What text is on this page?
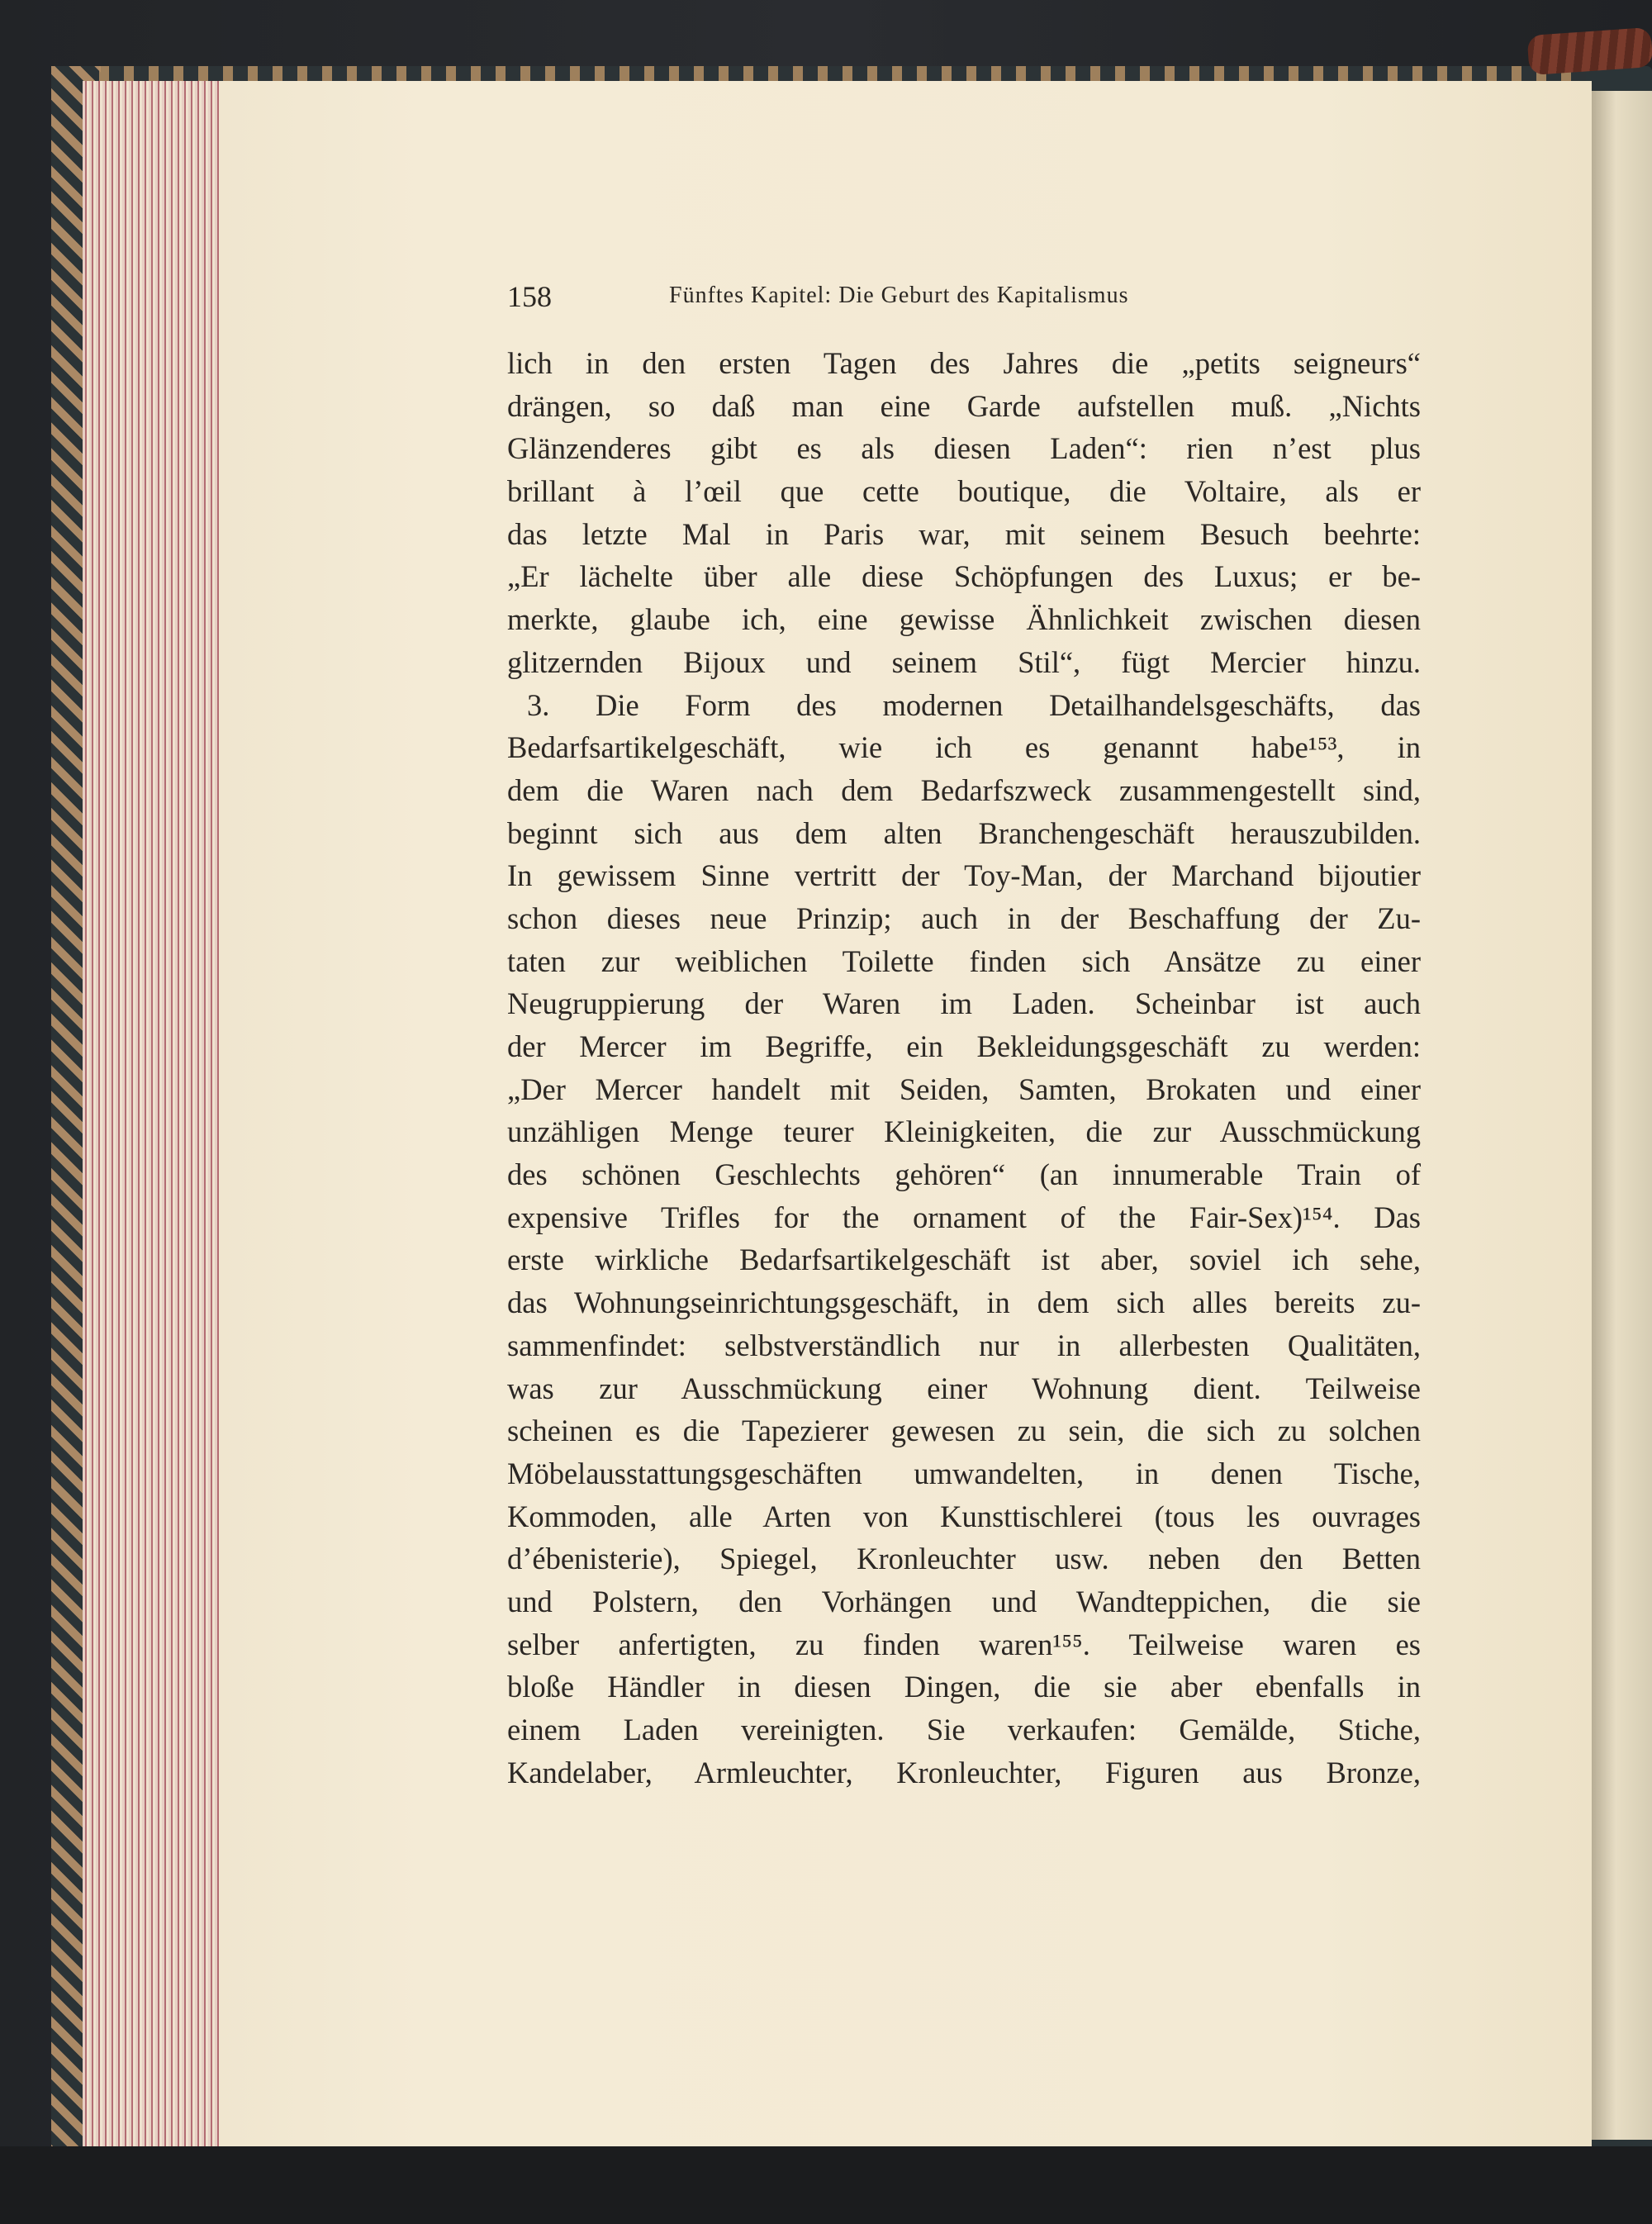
158	Fünftes Kapitel: Die Geburt des Kapitalismus
lich in den ersten Tagen des Jahres die „petits seigneurs“
drängen, so daß man eine Garde aufstellen muß. „Nichts
Glänzenderes gibt es als diesen Laden“: rien n’est plus
brillant à l’œil que cette boutique, die Voltaire, als er
das letzte Mal in Paris war, mit seinem Besuch beehrte:
„Er lächelte über alle diese Schöpfungen des Luxus; er be-
merkte, glaube ich, eine gewisse Ähnlichkeit zwischen diesen
glitzernden Bijoux und seinem Stil“, fügt Mercier hinzu.
3. Die Form des modernen Detailhandelsgeschäfts, das
Bedarfsartikelgeschäft, wie ich es genannt habe¹⁵³, in
dem die Waren nach dem Bedarfszweck zusammengestellt sind,
beginnt sich aus dem alten Branchengeschäft herauszubilden.
In gewissem Sinne vertritt der Toy-Man, der Marchand bijoutier
schon dieses neue Prinzip; auch in der Beschaffung der Zu-
taten zur weiblichen Toilette finden sich Ansätze zu einer
Neugruppierung der Waren im Laden. Scheinbar ist auch
der Mercer im Begriffe, ein Bekleidungsgeschäft zu werden:
„Der Mercer handelt mit Seiden, Samten, Brokaten und einer
unzähligen Menge teurer Kleinigkeiten, die zur Ausschmückung
des schönen Geschlechts gehören“ (an innumerable Train of
expensive Trifles for the ornament of the Fair-Sex)¹⁵⁴. Das
erste wirkliche Bedarfsartikelgeschäft ist aber, soviel ich sehe,
das Wohnungseinrichtungsgeschäft, in dem sich alles bereits zu-
sammenfindet: selbstverständlich nur in allerbesten Qualitäten,
was zur Ausschmückung einer Wohnung dient. Teilweise
scheinen es die Tapezierer gewesen zu sein, die sich zu solchen
Möbelausstattungsgeschäften umwandelten, in denen Tische,
Kommoden, alle Arten von Kunsttischlerei (tous les ouvrages
d’ébenisterie), Spiegel, Kronleuchter usw. neben den Betten
und Polstern, den Vorhängen und Wandteppichen, die sie
selber anfertigten, zu finden waren¹⁵⁵. Teilweise waren es
bloße Händler in diesen Dingen, die sie aber ebenfalls in
einem Laden vereinigten. Sie verkaufen: Gemälde, Stiche,
Kandelaber, Armleuchter, Kronleuchter, Figuren aus Bronze,
